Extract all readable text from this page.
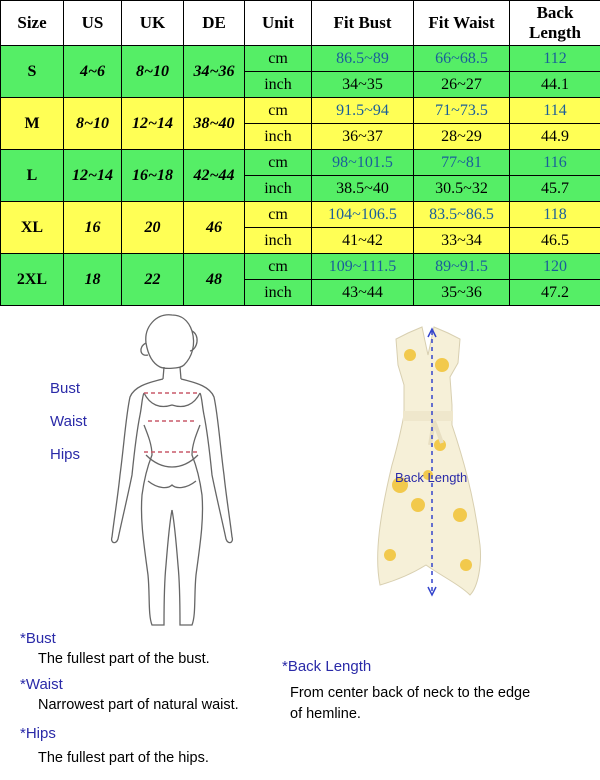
Size	US	UK	DE	Unit	Fit Bust	Fit Waist	Back Length
S	4~6	8~10	34~36	cm	86.5~89	66~68.5	112
				inch	34~35	26~27	44.1
M	8~10	12~14	38~40	cm	91.5~94	71~73.5	114
				inch	36~37	28~29	44.9
L	12~14	16~18	42~44	cm	98~101.5	77~81	116
				inch	38.5~40	30.5~32	45.7
XL	16	20	46	cm	104~106.5	83.5~86.5	118
				inch	41~42	33~34	46.5
2XL	18	22	48	cm	109~111.5	89~91.5	120
				inch	43~44	35~36	47.2
Bust
Waist
Hips
Back Length
*Bust
The fullest part of the bust.
*Waist
Narrowest part of natural waist.
*Hips
The fullest part of the hips.
*Back Length
From center back of neck to the edge
of hemline.
